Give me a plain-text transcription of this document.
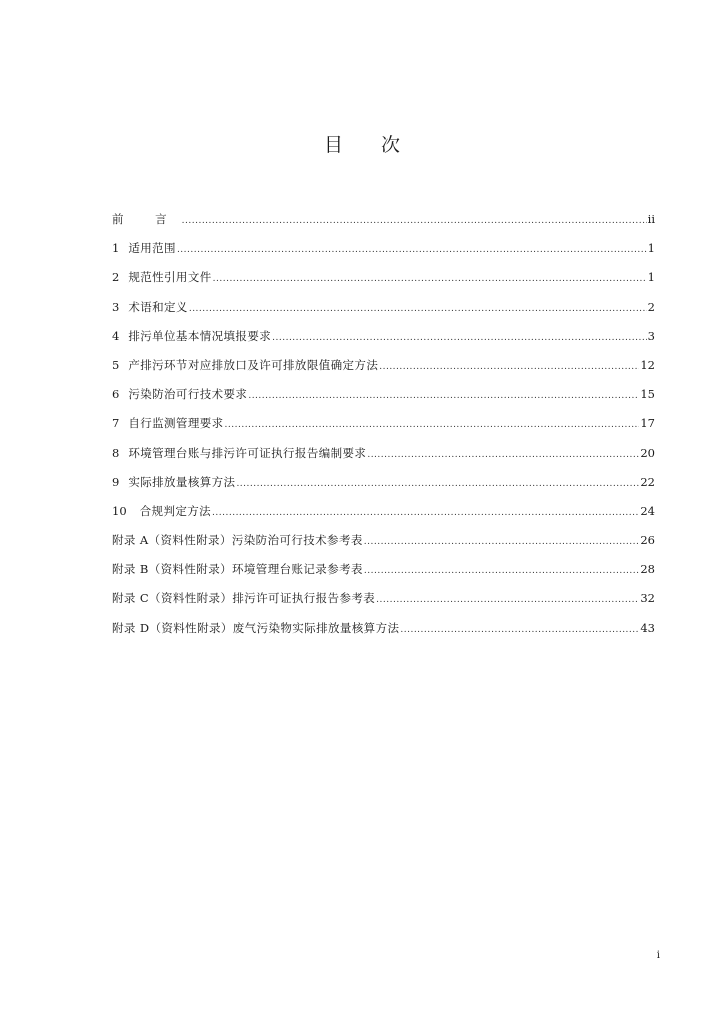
目 次
前 言 .....	ii
1 适用范围 .....	1
2 规范性引用文件 .....	1
3 术语和定义 .....	2
4 排污单位基本情况填报要求 .....	3
5 产排污环节对应排放口及许可排放限值确定方法 .....	12
6 污染防治可行技术要求 .....	15
7 自行监测管理要求 .....	17
8 环境管理台账与排污许可证执行报告编制要求 .....	20
9 实际排放量核算方法 .....	22
10 合规判定方法 .....	24
附录 A（资料性附录）污染防治可行技术参考表 .....	26
附录 B（资料性附录）环境管理台账记录参考表 .....	28
附录 C（资料性附录）排污许可证执行报告参考表 .....	32
附录 D（资料性附录）废气污染物实际排放量核算方法 .....	43
i
